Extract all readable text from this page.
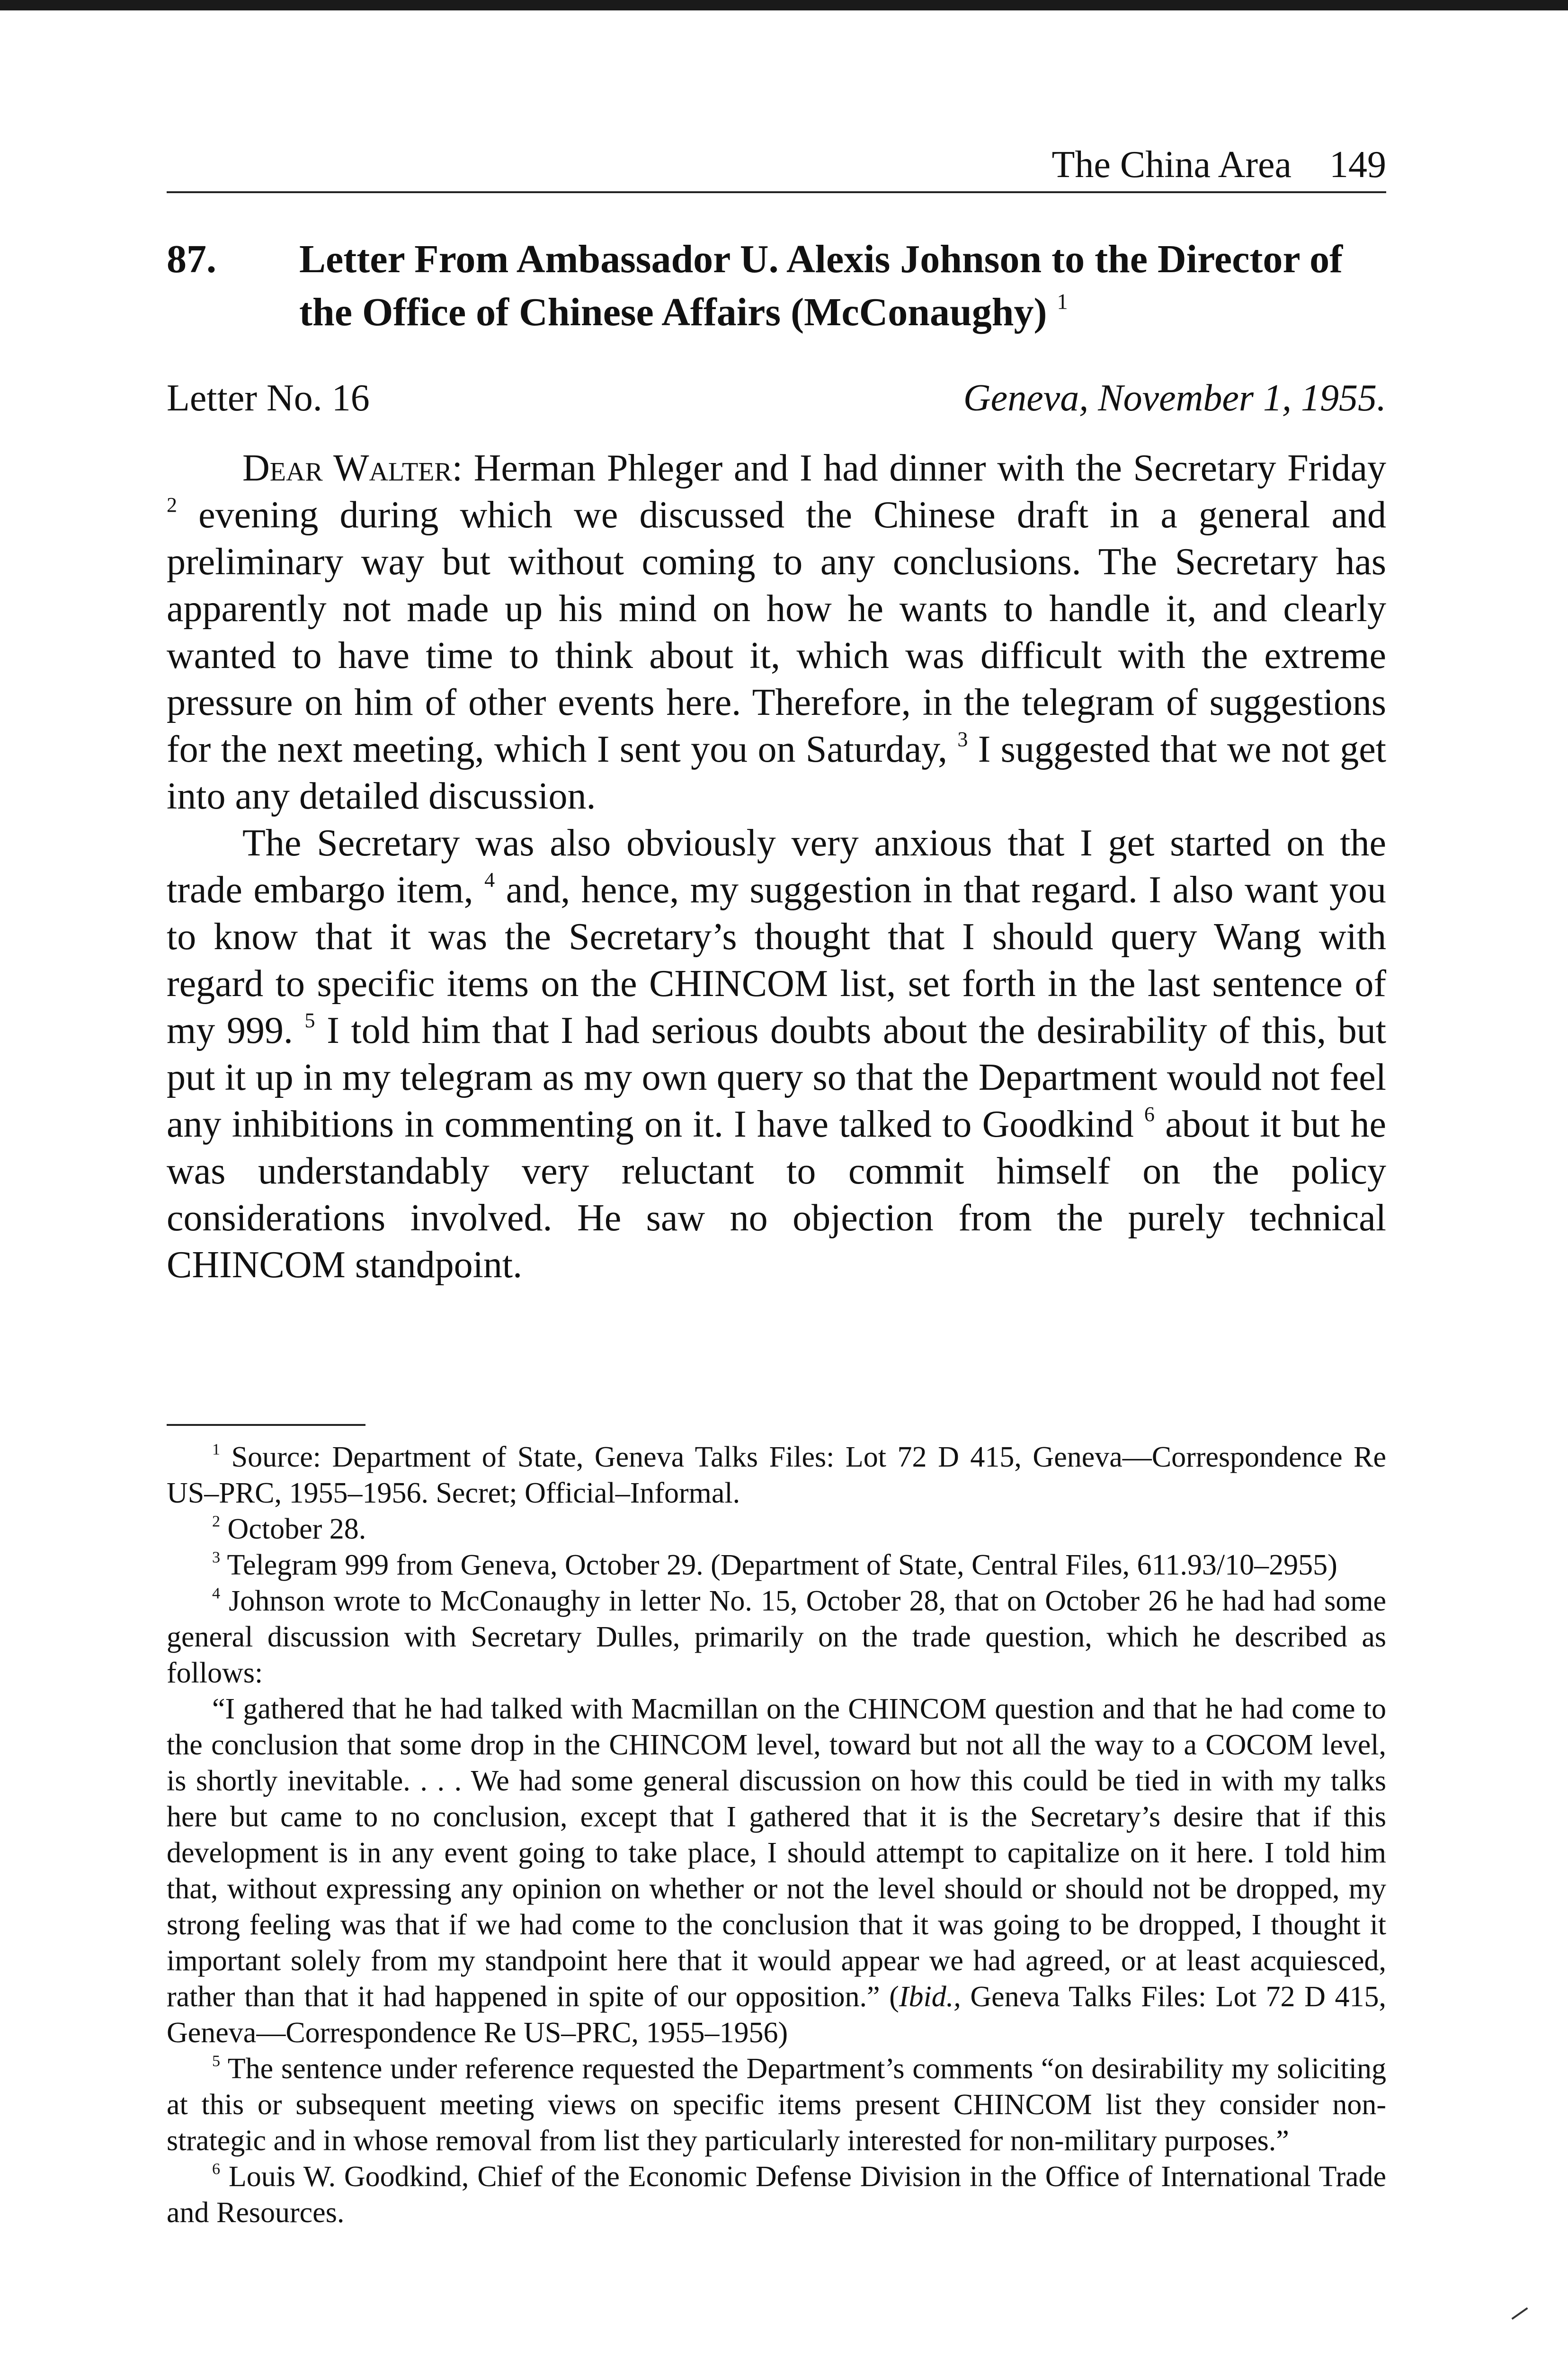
The China Area 149
87. Letter From Ambassador U. Alexis Johnson to the Director of the Office of Chinese Affairs (McConaughy) $^1$
Letter No. 16	Geneva, November 1, 1955.

Dear Walter: Herman Phleger and I had dinner with the Secretary Friday $^2$ evening during which we discussed the Chinese draft in a general and preliminary way but without coming to any conclusions. The Secretary has apparently not made up his mind on how he wants to handle it, and clearly wanted to have time to think about it, which was difficult with the extreme pressure on him of other events here. Therefore, in the telegram of suggestions for the next meeting, which I sent you on Saturday, $^3$ I suggested that we not get into any detailed discussion.

The Secretary was also obviously very anxious that I get started on the trade embargo item, $^4$ and, hence, my suggestion in that regard. I also want you to know that it was the Secretary’s thought that I should query Wang with regard to specific items on the CHINCOM list, set forth in the last sentence of my 999. $^5$ I told him that I had serious doubts about the desirability of this, but put it up in my telegram as my own query so that the Department would not feel any inhibitions in commenting on it. I have talked to Goodkind $^6$ about it but he was understandably very reluctant to commit himself on the policy considerations involved. He saw no objection from the purely technical CHINCOM standpoint.

$^1$ Source: Department of State, Geneva Talks Files: Lot 72 D 415, Geneva—Correspondence Re US–PRC, 1955–1956. Secret; Official–Informal.

$^2$ October 28.

$^3$ Telegram 999 from Geneva, October 29. (Department of State, Central Files, 611.93/10–2955)

$^4$ Johnson wrote to McConaughy in letter No. 15, October 28, that on October 26 he had had some general discussion with Secretary Dulles, primarily on the trade question, which he described as follows:

“I gathered that he had talked with Macmillan on the CHINCOM question and that he had come to the conclusion that some drop in the CHINCOM level, toward but not all the way to a COCOM level, is shortly inevitable. . . . We had some general discussion on how this could be tied in with my talks here but came to no conclusion, except that I gathered that it is the Secretary’s desire that if this development is in any event going to take place, I should attempt to capitalize on it here. I told him that, without expressing any opinion on whether or not the level should or should not be dropped, my strong feeling was that if we had come to the conclusion that it was going to be dropped, I thought it important solely from my standpoint here that it would appear we had agreed, or at least acquiesced, rather than that it had happened in spite of our opposition.” (Ibid., Geneva Talks Files: Lot 72 D 415, Geneva—Correspondence Re US–PRC, 1955–1956)

$^5$ The sentence under reference requested the Department’s comments “on desirability my soliciting at this or subsequent meeting views on specific items present CHINCOM list they consider non-strategic and in whose removal from list they particularly interested for non-military purposes.”

$^6$ Louis W. Goodkind, Chief of the Economic Defense Division in the Office of International Trade and Resources.
